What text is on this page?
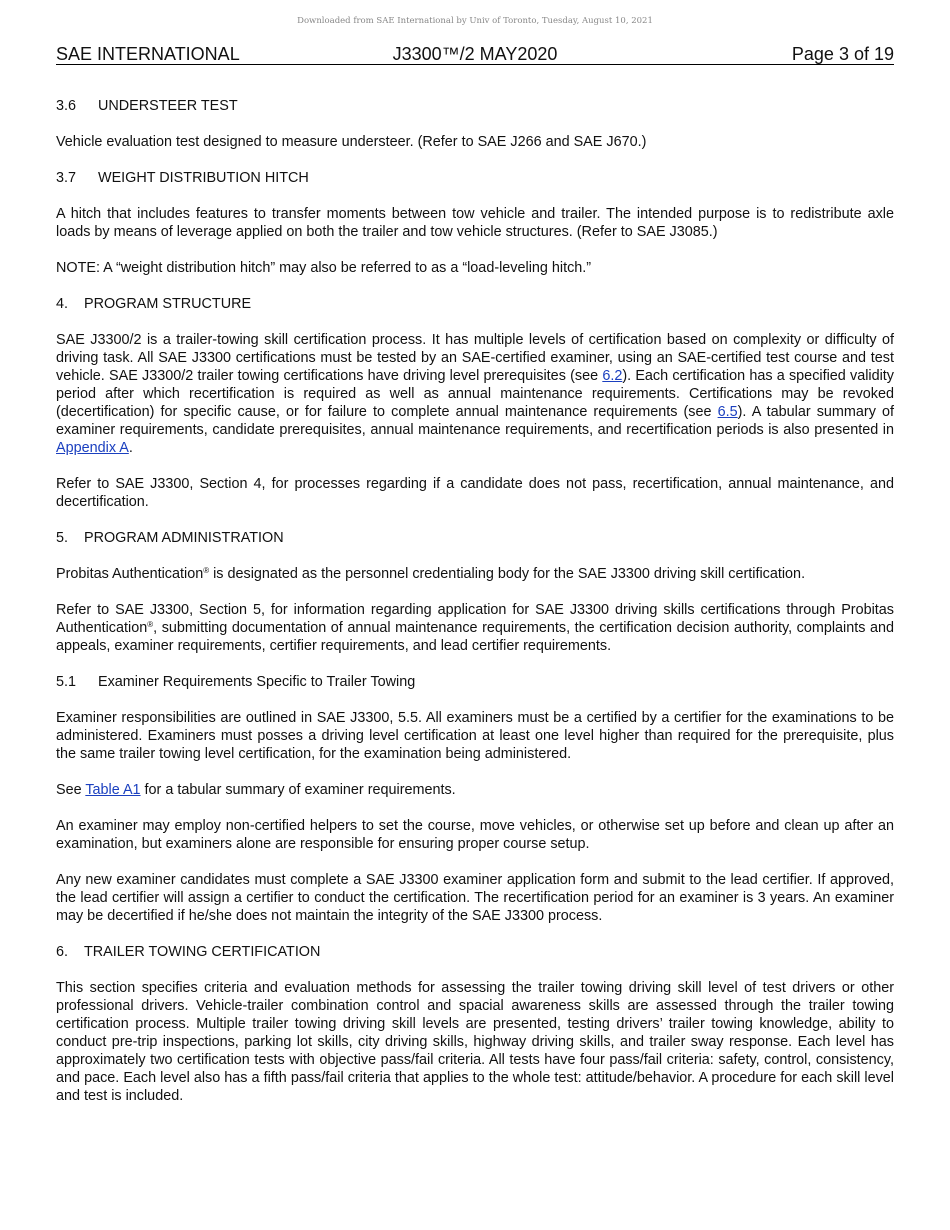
Downloaded from SAE International by Univ of Toronto, Tuesday, August 10, 2021
J3300™/2 MAY2020
SAE INTERNATIONAL	Page 3 of 19
3.6 UNDERSTEER TEST
Vehicle evaluation test designed to measure understeer. (Refer to SAE J266 and SAE J670.)
3.7 WEIGHT DISTRIBUTION HITCH
A hitch that includes features to transfer moments between tow vehicle and trailer. The intended purpose is to redistribute axle loads by means of leverage applied on both the trailer and tow vehicle structures. (Refer to SAE J3085.)
NOTE: A “weight distribution hitch” may also be referred to as a “load-leveling hitch.”
4. PROGRAM STRUCTURE
SAE J3300/2 is a trailer-towing skill certification process. It has multiple levels of certification based on complexity or difficulty of driving task. All SAE J3300 certifications must be tested by an SAE-certified examiner, using an SAE-certified test course and test vehicle. SAE J3300/2 trailer towing certifications have driving level prerequisites (see 6.2). Each certification has a specified validity period after which recertification is required as well as annual maintenance requirements. Certifications may be revoked (decertification) for specific cause, or for failure to complete annual maintenance requirements (see 6.5). A tabular summary of examiner requirements, candidate prerequisites, annual maintenance requirements, and recertification periods is also presented in Appendix A.
Refer to SAE J3300, Section 4, for processes regarding if a candidate does not pass, recertification, annual maintenance, and decertification.
5. PROGRAM ADMINISTRATION
Probitas Authentication® is designated as the personnel credentialing body for the SAE J3300 driving skill certification.
Refer to SAE J3300, Section 5, for information regarding application for SAE J3300 driving skills certifications through Probitas Authentication®, submitting documentation of annual maintenance requirements, the certification decision authority, complaints and appeals, examiner requirements, certifier requirements, and lead certifier requirements.
5.1 Examiner Requirements Specific to Trailer Towing
Examiner responsibilities are outlined in SAE J3300, 5.5. All examiners must be a certified by a certifier for the examinations to be administered. Examiners must posses a driving level certification at least one level higher than required for the prerequisite, plus the same trailer towing level certification, for the examination being administered.
See Table A1 for a tabular summary of examiner requirements.
An examiner may employ non-certified helpers to set the course, move vehicles, or otherwise set up before and clean up after an examination, but examiners alone are responsible for ensuring proper course setup.
Any new examiner candidates must complete a SAE J3300 examiner application form and submit to the lead certifier. If approved, the lead certifier will assign a certifier to conduct the certification. The recertification period for an examiner is 3 years. An examiner may be decertified if he/she does not maintain the integrity of the SAE J3300 process.
6. TRAILER TOWING CERTIFICATION
This section specifies criteria and evaluation methods for assessing the trailer towing driving skill level of test drivers or other professional drivers. Vehicle-trailer combination control and spacial awareness skills are assessed through the trailer towing certification process. Multiple trailer towing driving skill levels are presented, testing drivers’ trailer towing knowledge, ability to conduct pre-trip inspections, parking lot skills, city driving skills, highway driving skills, and trailer sway response. Each level has approximately two certification tests with objective pass/fail criteria. All tests have four pass/fail criteria: safety, control, consistency, and pace. Each level also has a fifth pass/fail criteria that applies to the whole test: attitude/behavior. A procedure for each skill level and test is included.
